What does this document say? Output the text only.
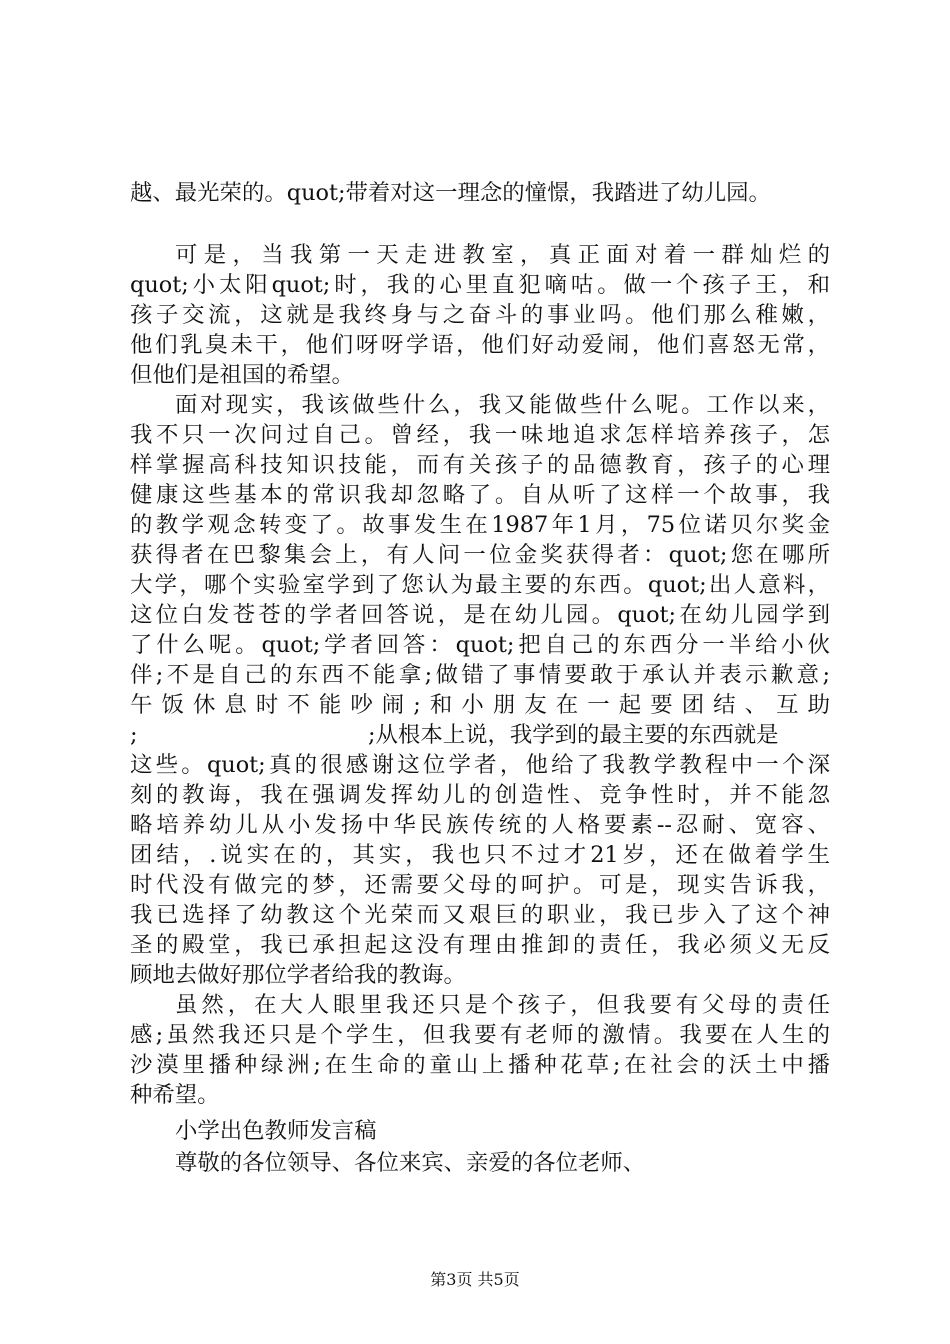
越、最光荣的。quot;带着对这一理念的憧憬，我踏进了幼儿园。
可是，当我第一天走进教室，真正面对着一群灿烂的
quot;小太阳quot;时，我的心里直犯嘀咕。做一个孩子王，和
孩子交流，这就是我终身与之奋斗的事业吗。他们那么稚嫩，
他们乳臭未干，他们呀呀学语，他们好动爱闹，他们喜怒无常，
但他们是祖国的希望。
面对现实，我该做些什么，我又能做些什么呢。工作以来，
我不只一次问过自己。曾经，我一味地追求怎样培养孩子，怎
样掌握高科技知识技能，而有关孩子的品德教育，孩子的心理
健康这些基本的常识我却忽略了。自从听了这样一个故事，我
的教学观念转变了。故事发生在1987年1月，75位诺贝尔奖金
获得者在巴黎集会上，有人问一位金奖获得者：quot;您在哪所
大学，哪个实验室学到了您认为最主要的东西。quot;出人意料，
这位白发苍苍的学者回答说，是在幼儿园。quot;在幼儿园学到
了什么呢。quot;学者回答：quot;把自己的东西分一半给小伙
伴;不是自己的东西不能拿;做错了事情要敢于承认并表示歉意;
午饭休息时不能吵闹;和小朋友在一起要团结、互助
;	;从根本上说，我学到的最主要的东西就是
这些。quot;真的很感谢这位学者，他给了我教学教程中一个深
刻的教诲，我在强调发挥幼儿的创造性、竞争性时，并不能忽
略培养幼儿从小发扬中华民族传统的人格要素--忍耐、宽容、
团结，.说实在的，其实，我也只不过才21岁，还在做着学生
时代没有做完的梦，还需要父母的呵护。可是，现实告诉我，
我已选择了幼教这个光荣而又艰巨的职业，我已步入了这个神
圣的殿堂，我已承担起这没有理由推卸的责任，我必须义无反
顾地去做好那位学者给我的教诲。
虽然，在大人眼里我还只是个孩子，但我要有父母的责任
感;虽然我还只是个学生，但我要有老师的激情。我要在人生的
沙漠里播种绿洲;在生命的童山上播种花草;在社会的沃土中播
种希望。
小学出色教师发言稿
尊敬的各位领导、各位来宾、亲爱的各位老师、
第3页 共5页
